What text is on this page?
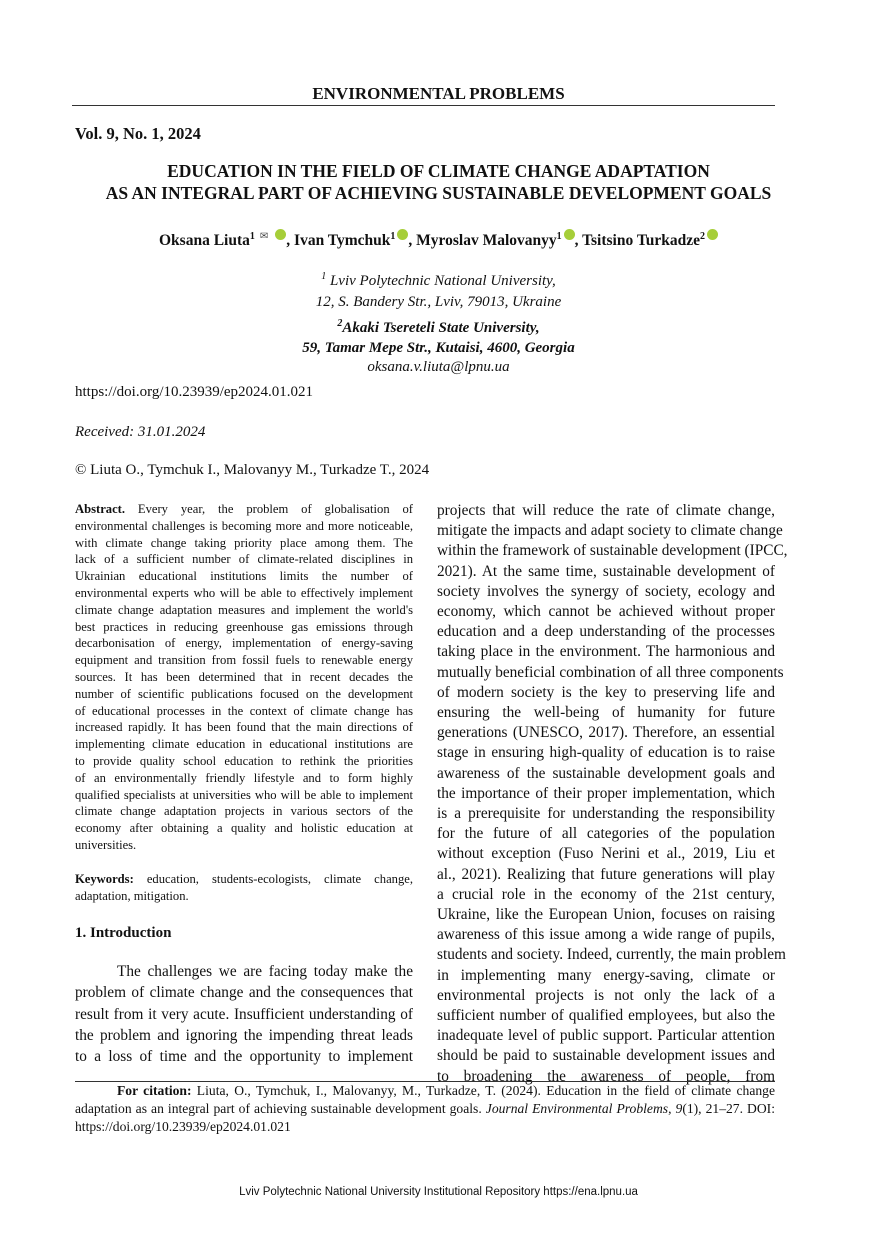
ENVIRONMENTAL PROBLEMS
Vol. 9, No. 1, 2024
EDUCATION IN THE FIELD OF CLIMATE CHANGE ADAPTATION
AS AN INTEGRAL PART OF ACHIEVING SUSTAINABLE DEVELOPMENT GOALS
Oksana Liuta$^1$ ✉ , Ivan Tymchuk$^1$ , Myroslav Malovanyy$^1$ , Tsitsino Turkadze$^2$
$^1$ Lviv Polytechnic National University,
12, S. Bandery Str., Lviv, 79013, Ukraine
$^2$Akaki Tsereteli State University,
59, Tamar Mepe Str., Kutaisi, 4600, Georgia
oksana.v.liuta@lpnu.ua
https://doi.org/10.23939/ep2024.01.021
Received: 31.01.2024
© Liuta O., Tymchuk I., Malovanyy M., Turkadze T., 2024
Abstract. Every year, the problem of globalisation of
environmental challenges is becoming more and more noticeable,
with climate change taking priority place among them. The
lack of a sufficient number of climate-related disciplines in
Ukrainian educational institutions limits the number of
environmental experts who will be able to effectively implement
climate change adaptation measures and implement the world's
best practices in reducing greenhouse gas emissions through
decarbonisation of energy, implementation of energy-saving
equipment and transition from fossil fuels to renewable energy
sources. It has been determined that in recent decades the
number of scientific publications focused on the development
of educational processes in the context of climate change has
increased rapidly. It has been found that the main directions of
implementing climate education in educational institutions are
to provide quality school education to rethink the priorities
of an environmentally friendly lifestyle and to form highly
qualified specialists at universities who will be able to implement
climate change adaptation projects in various sectors of the
economy after obtaining a quality and holistic education at
universities.
Keywords: education, students-ecologists, climate change, adaptation, mitigation.
1. Introduction
The challenges we are facing today make the
problem of climate change and the consequences that
result from it very acute. Insufficient understanding of
the problem and ignoring the impending threat leads
to a loss of time and the opportunity to implement
projects that will reduce the rate of climate change,
mitigate the impacts and adapt society to climate change
within the framework of sustainable development (IPCC,
2021). At the same time, sustainable development of
society involves the synergy of society, ecology and
economy, which cannot be achieved without proper
education and a deep understanding of the processes
taking place in the environment. The harmonious and
mutually beneficial combination of all three components
of modern society is the key to preserving life and
ensuring the well-being of humanity for future
generations (UNESCO, 2017). Therefore, an essential
stage in ensuring high-quality of education is to raise
awareness of the sustainable development goals and
the importance of their proper implementation, which
is a prerequisite for understanding the responsibility
for the future of all categories of the population
without exception (Fuso Nerini et al., 2019, Liu et
al., 2021). Realizing that future generations will play
a crucial role in the economy of the 21st century,
Ukraine, like the European Union, focuses on raising
awareness of this issue among a wide range of pupils,
students and society. Indeed, currently, the main problem
in implementing many energy-saving, climate or
environmental projects is not only the lack of a
sufficient number of qualified employees, but also the
inadequate level of public support. Particular attention
should be paid to sustainable development issues and
to broadening the awareness of people, from
For citation: Liuta, O., Tymchuk, I., Malovanyy, M., Turkadze, T. (2024). Education in the field of climate change adaptation as an integral part of achieving sustainable development goals. Journal Environmental Problems, 9(1), 21–27. DOI: https://doi.org/10.23939/ep2024.01.021
Lviv Polytechnic National University Institutional Repository https://ena.lpnu.ua
